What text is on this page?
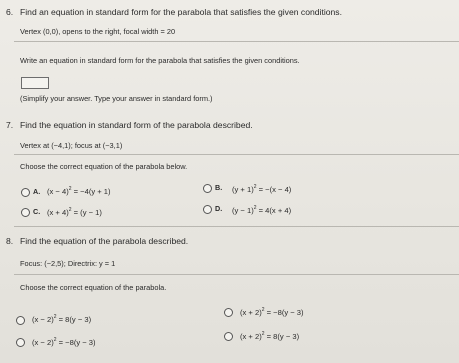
6. Find an equation in standard form for the parabola that satisfies the given conditions.
Vertex (0,0), opens to the right, focal width = 20
Write an equation in standard form for the parabola that satisfies the given conditions.
(Simplify your answer. Type your answer in standard form.)
7. Find the equation in standard form of the parabola described.
Vertex at (−4,1); focus at (−3,1)
Choose the correct equation of the parabola below.
A. $(x - 4)^2 = -4(y + 1)$	B. $(y + 1)^2 = -(x - 4)$
C. $(x + 4)^2 = (y - 1)$	D. $(y - 1)^2 = 4(x + 4)$
8. Find the equation of the parabola described.
Focus: (−2,5); Directrix: y = 1
Choose the correct equation of the parabola.
$(x - 2)^2 = 8(y - 3)$
$(x + 2)^2 = -8(y - 3)$
$(x - 2)^2 = -8(y - 3)$
$(x + 2)^2 = 8(y - 3)$
